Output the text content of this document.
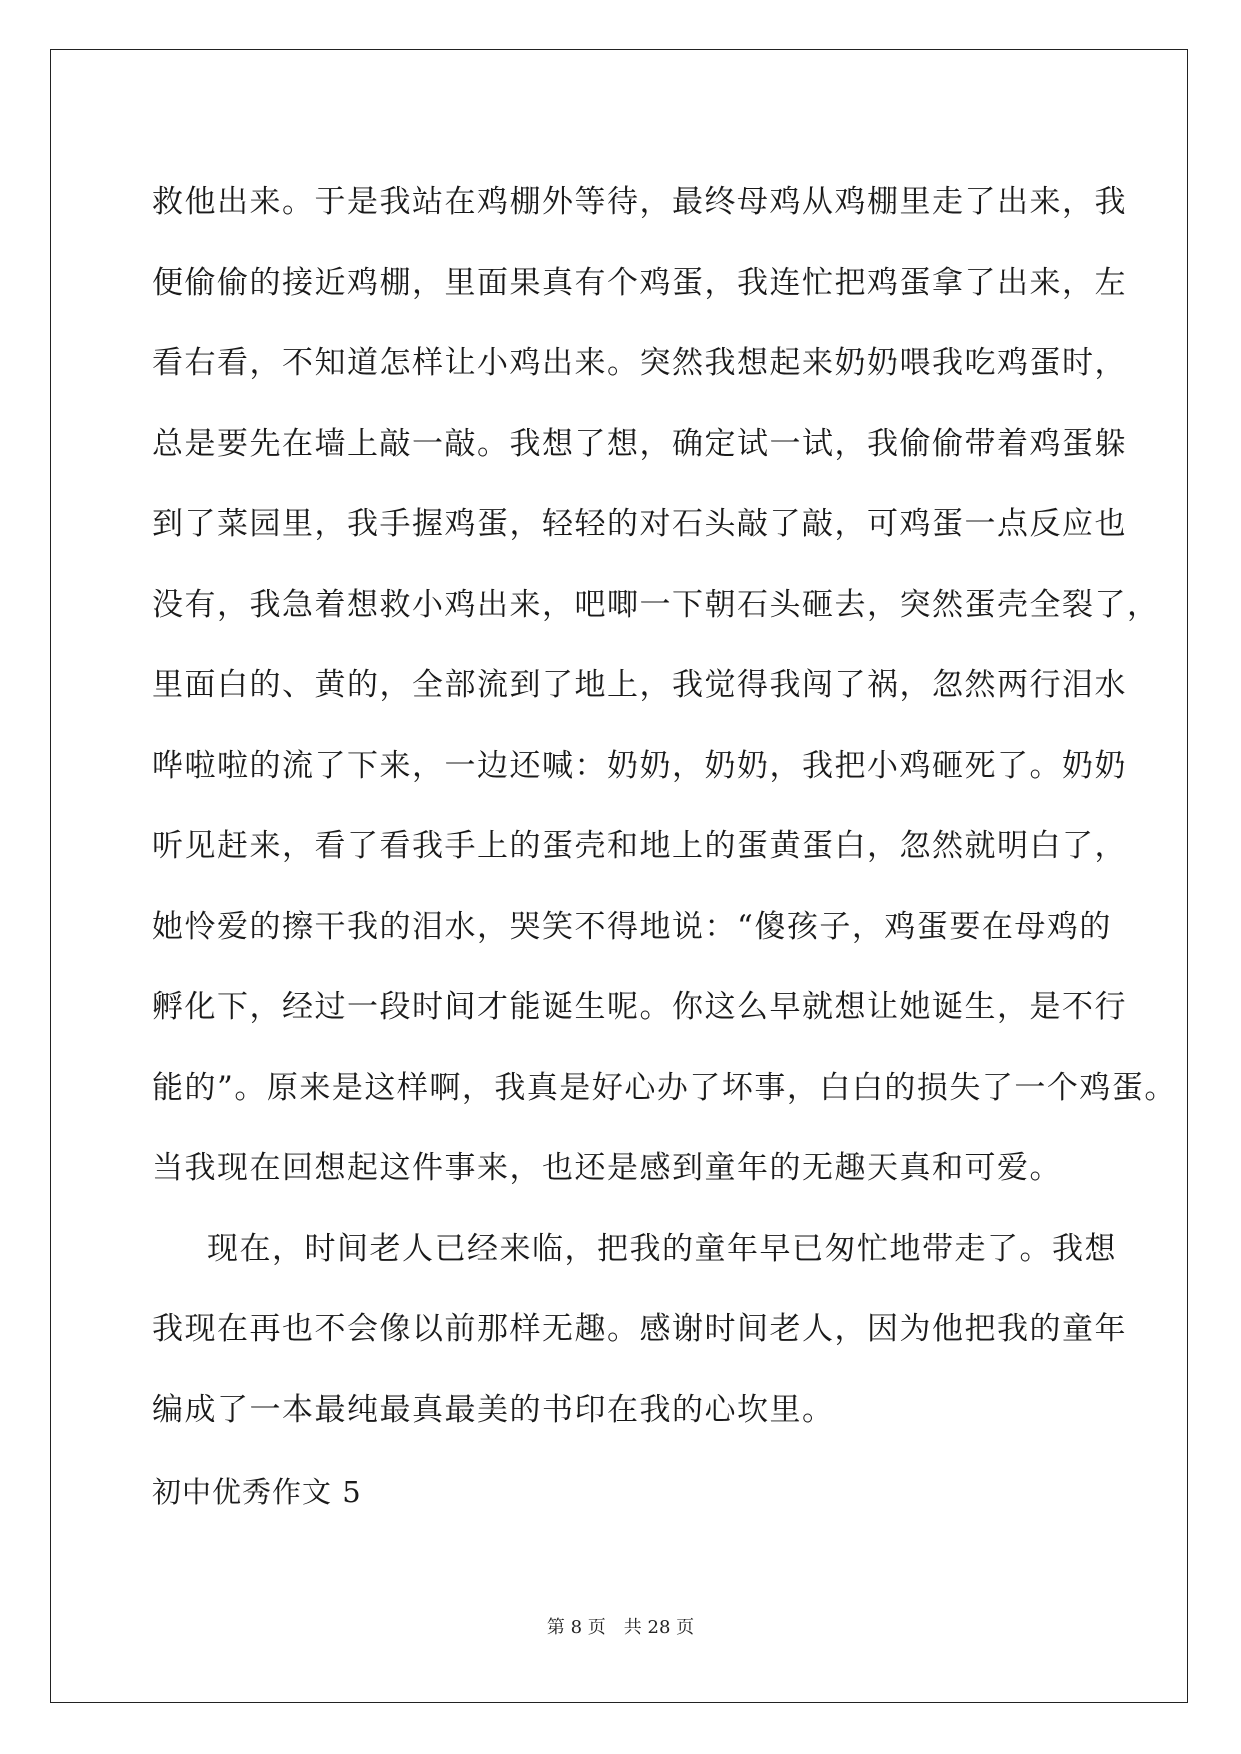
救他出来。于是我站在鸡棚外等待，最终母鸡从鸡棚里走了出来，我
便偷偷的接近鸡棚，里面果真有个鸡蛋，我连忙把鸡蛋拿了出来，左
看右看，不知道怎样让小鸡出来。突然我想起来奶奶喂我吃鸡蛋时，
总是要先在墙上敲一敲。我想了想，确定试一试，我偷偷带着鸡蛋躲
到了菜园里，我手握鸡蛋，轻轻的对石头敲了敲，可鸡蛋一点反应也
没有，我急着想救小鸡出来，吧唧一下朝石头砸去，突然蛋壳全裂了，
里面白的、黄的，全部流到了地上，我觉得我闯了祸，忽然两行泪水
哗啦啦的流了下来，一边还喊：奶奶，奶奶，我把小鸡砸死了。奶奶
听见赶来，看了看我手上的蛋壳和地上的蛋黄蛋白，忽然就明白了，
她怜爱的擦干我的泪水，哭笑不得地说：“傻孩子，鸡蛋要在母鸡的
孵化下，经过一段时间才能诞生呢。你这么早就想让她诞生，是不行
能的”。原来是这样啊，我真是好心办了坏事，白白的损失了一个鸡蛋。
当我现在回想起这件事来，也还是感到童年的无趣天真和可爱。
现在，时间老人已经来临，把我的童年早已匆忙地带走了。我想
我现在再也不会像以前那样无趣。感谢时间老人，因为他把我的童年
编成了一本最纯最真最美的书印在我的心坎里。
初中优秀作文 5
第 8 页 共 28 页
